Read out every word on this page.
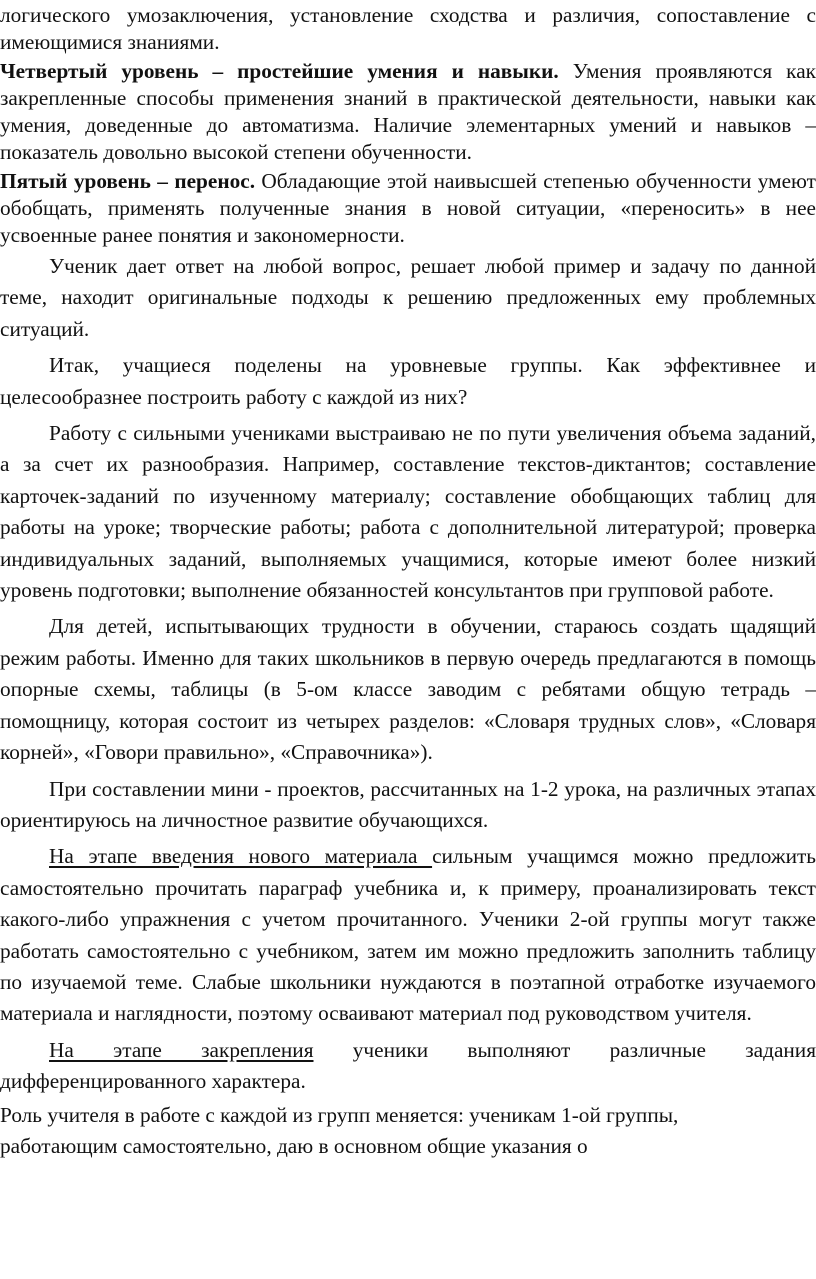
логического умозаключения, установление сходства и различия, сопоставление с имеющимися знаниями.

Четвертый уровень – простейшие умения и навыки. Умения проявляются как закрепленные способы применения знаний в практической деятельности, навыки как умения, доведенные до автоматизма. Наличие элементарных умений и навыков – показатель довольно высокой степени обученности.

Пятый уровень – перенос. Обладающие этой наивысшей степенью обученности умеют обобщать, применять полученные знания в новой ситуации, «переносить» в нее усвоенные ранее понятия и закономерности.

Ученик дает ответ на любой вопрос, решает любой пример и задачу по данной теме, находит оригинальные подходы к решению предложенных ему проблемных ситуаций.

Итак, учащиеся поделены на уровневые группы. Как эффективнее и целесообразнее построить работу с каждой из них?

Работу с сильными учениками выстраиваю не по пути увеличения объема заданий, а за счет их разнообразия. Например, составление текстов-диктантов; составление карточек-заданий по изученному материалу; составление обобщающих таблиц для работы на уроке; творческие работы; работа с дополнительной литературой; проверка индивидуальных заданий, выполняемых учащимися, которые имеют более низкий уровень подготовки; выполнение обязанностей консультантов при групповой работе.

Для детей, испытывающих трудности в обучении, стараюсь создать щадящий режим работы. Именно для таких школьников в первую очередь предлагаются в помощь опорные схемы, таблицы (в 5-ом классе заводим с ребятами общую тетрадь – помощницу, которая состоит из четырех разделов: «Словаря трудных слов», «Словаря корней», «Говори правильно», «Справочника»).

При составлении мини - проектов, рассчитанных на 1-2 урока, на различных этапах ориентируюсь на личностное развитие обучающихся.

На этапе введения нового материала сильным учащимся можно предложить самостоятельно прочитать параграф учебника и, к примеру, проанализировать текст какого-либо упражнения с учетом прочитанного. Ученики 2-ой группы могут также работать самостоятельно с учебником, затем им можно предложить заполнить таблицу по изучаемой теме. Слабые школьники нуждаются в поэтапной отработке изучаемого материала и наглядности, поэтому осваивают материал под руководством учителя.

На этапе закрепления ученики выполняют различные задания дифференцированного характера.

Роль учителя в работе с каждой из групп меняется: ученикам 1-ой группы,
работающим самостоятельно, даю в основном общие указания о
